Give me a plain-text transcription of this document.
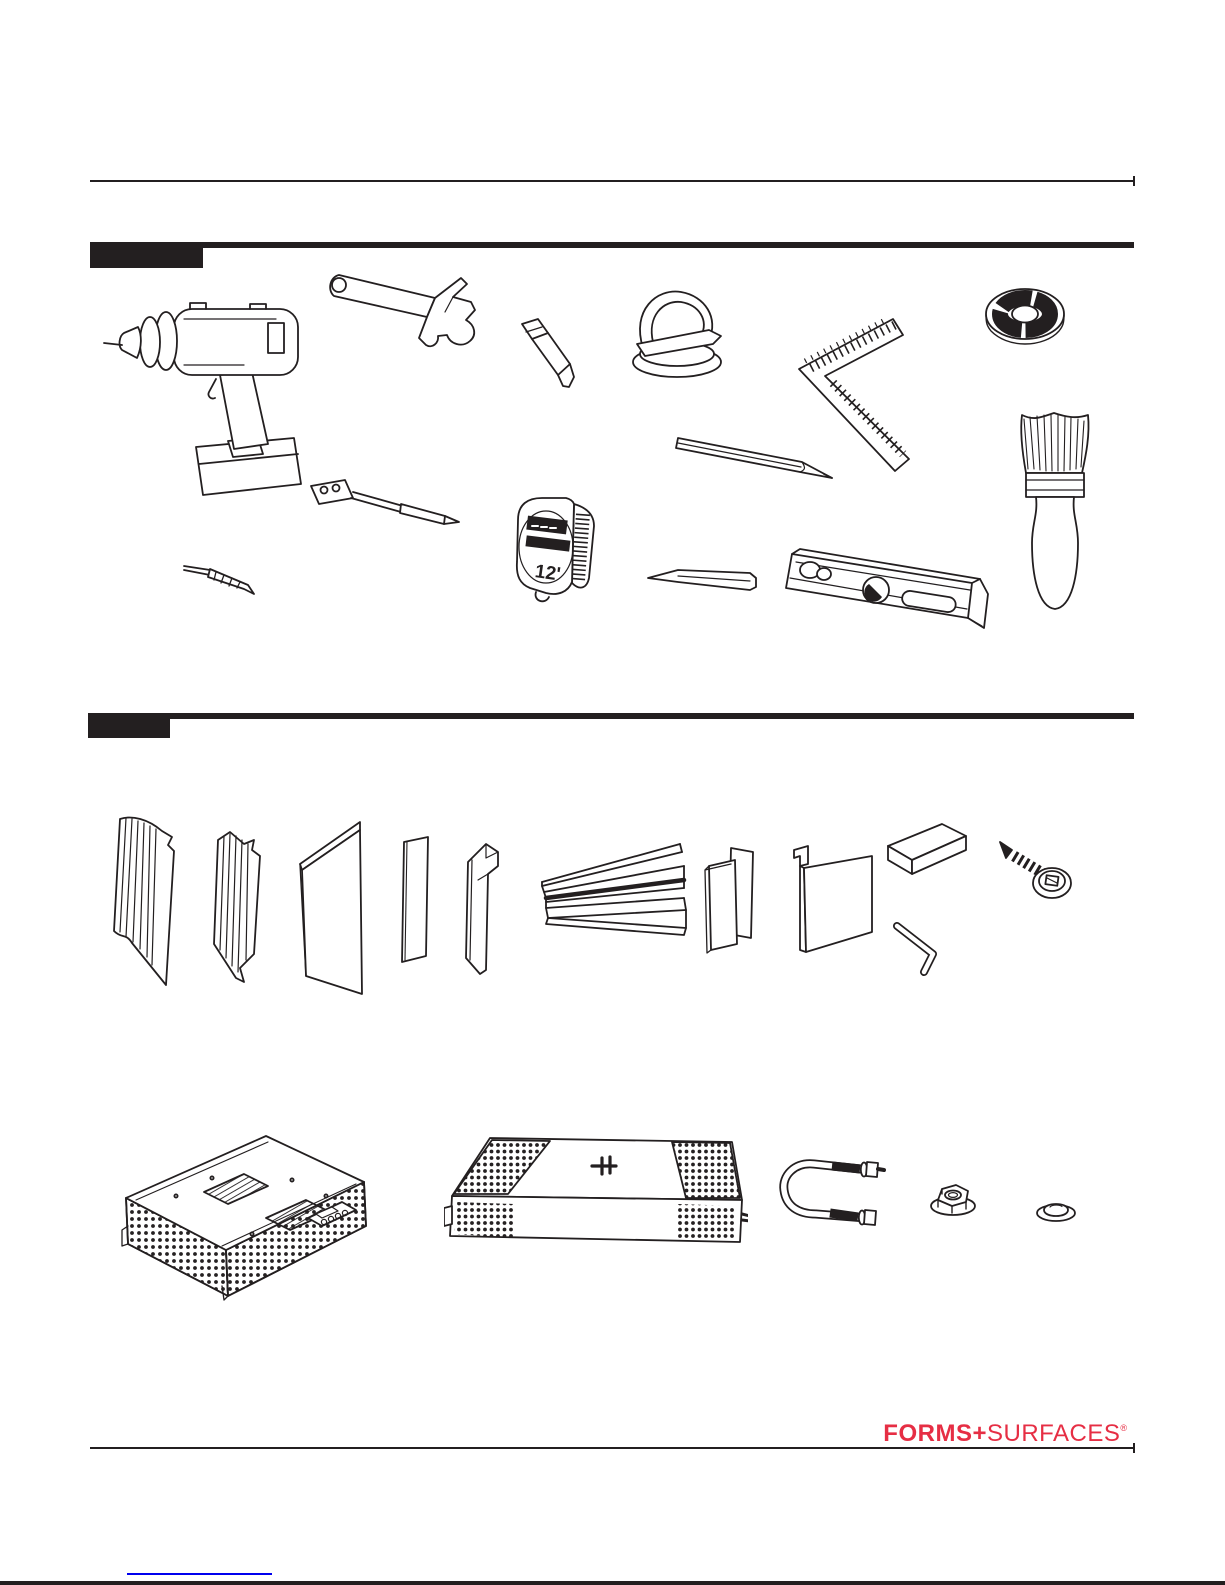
12'
FORMS+SURFACES®
